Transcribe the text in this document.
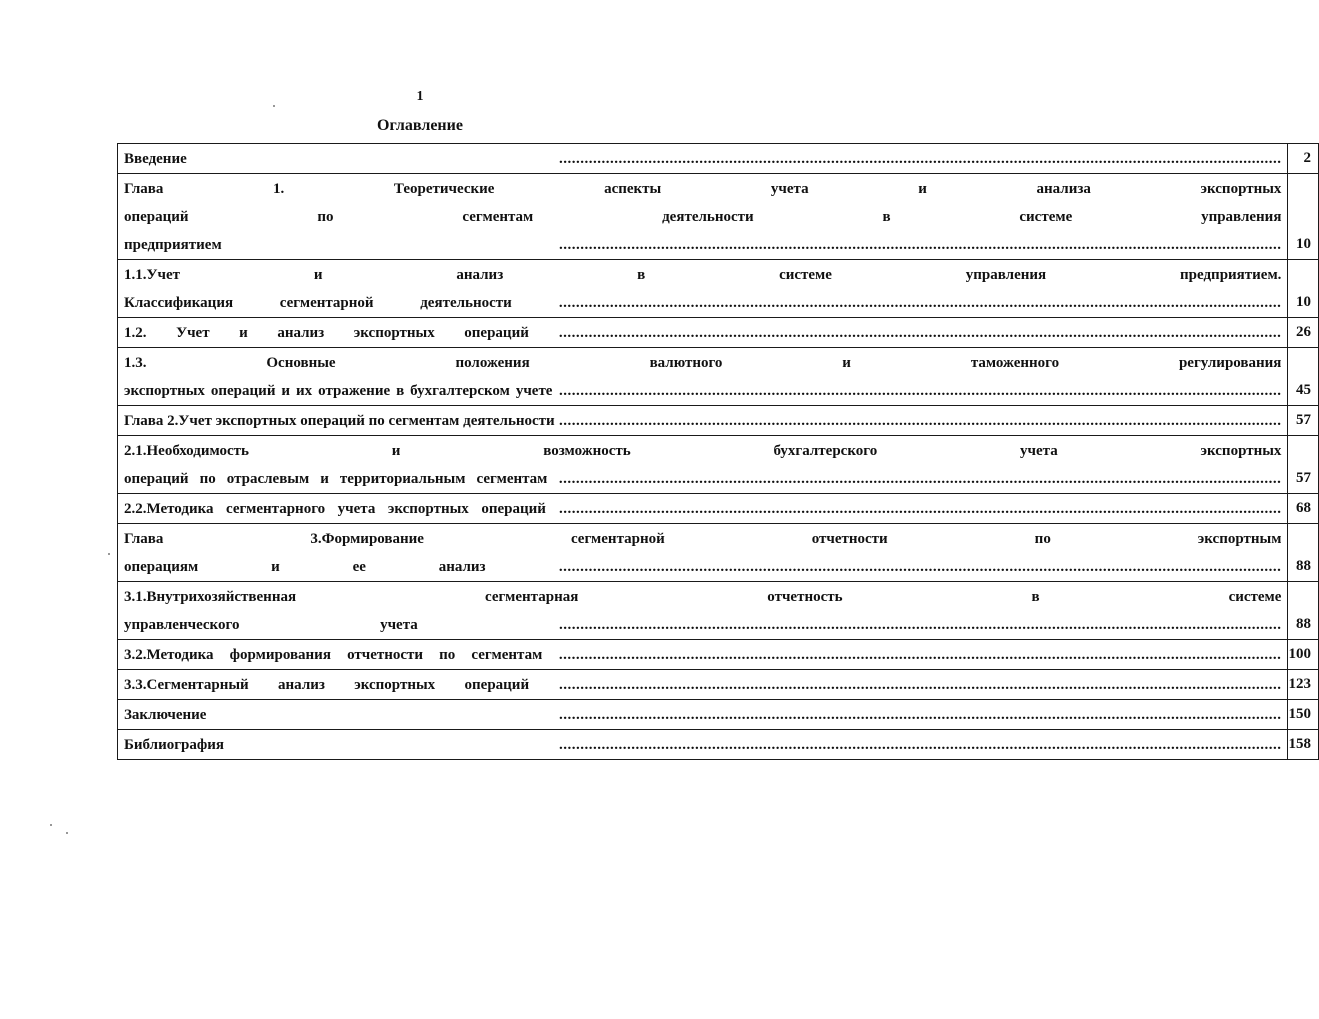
1
Оглавление
Введение .....	2

Глава 1. Теоретические аспекты учета и анализа экспортных
операций по сегментам деятельности в системе управления
предприятием .....	10

1.1.Учет и анализ в системе управления предприятием.
Классификация сегментарной деятельности .....	10

1.2. Учет и анализ экспортных операций .....	26

1.3. Основные положения валютного и таможенного регулирования
экспортных операций и их отражение в бухгалтерском учете .....	45

Глава 2.Учет экспортных операций по сегментам деятельности .....	57

2.1.Необходимость и возможность бухгалтерского учета экспортных
операций по отраслевым и территориальным сегментам .....	57

2.2.Методика сегментарного учета экспортных операций .....	68

Глава 3.Формирование сегментарной отчетности по экспортным
операциям и ее анализ .....	88

3.1.Внутрихозяйственная сегментарная отчетность в системе
управленческого учета .....	88

3.2.Методика формирования отчетности по сегментам .....	100

3.3.Сегментарный анализ экспортных операций .....	123

Заключение .....	150

Библиография .....	158
